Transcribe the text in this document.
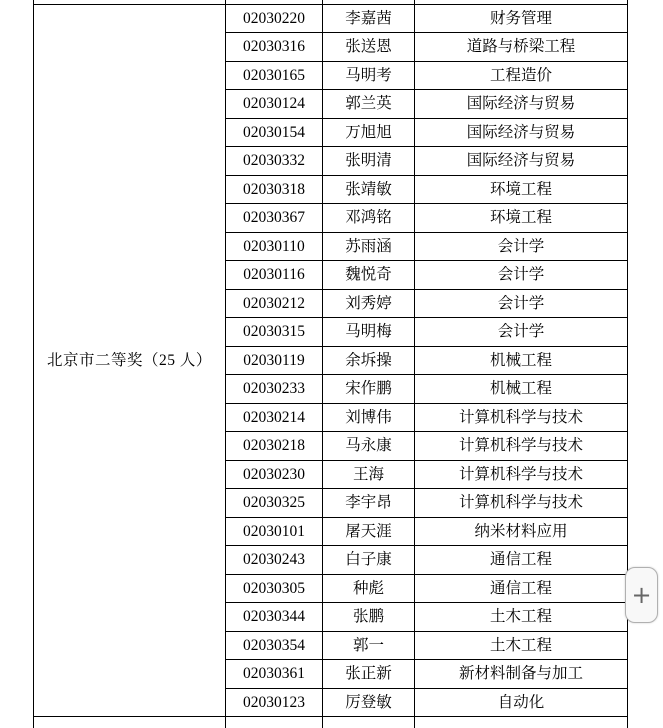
北京市二等奖（25 人）	02030220	李嘉茜	财务管理
	02030316	张送恩	道路与桥梁工程
	02030165	马明考	工程造价
	02030124	郭兰英	国际经济与贸易
	02030154	万旭旭	国际经济与贸易
	02030332	张明清	国际经济与贸易
	02030318	张靖敏	环境工程
	02030367	邓鸿铭	环境工程
	02030110	苏雨涵	会计学
	02030116	魏悦奇	会计学
	02030212	刘秀婷	会计学
	02030315	马明梅	会计学
	02030119	余坼操	机械工程
	02030233	宋作鹏	机械工程
	02030214	刘博伟	计算机科学与技术
	02030218	马永康	计算机科学与技术
	02030230	王海	计算机科学与技术
	02030325	李宇昂	计算机科学与技术
	02030101	屠天涯	纳米材料应用
	02030243	白子康	通信工程
	02030305	种彪	通信工程
	02030344	张鹏	土木工程
	02030354	郭一	土木工程
	02030361	张正新	新材料制备与加工
	02030123	厉登敏	自动化

+
